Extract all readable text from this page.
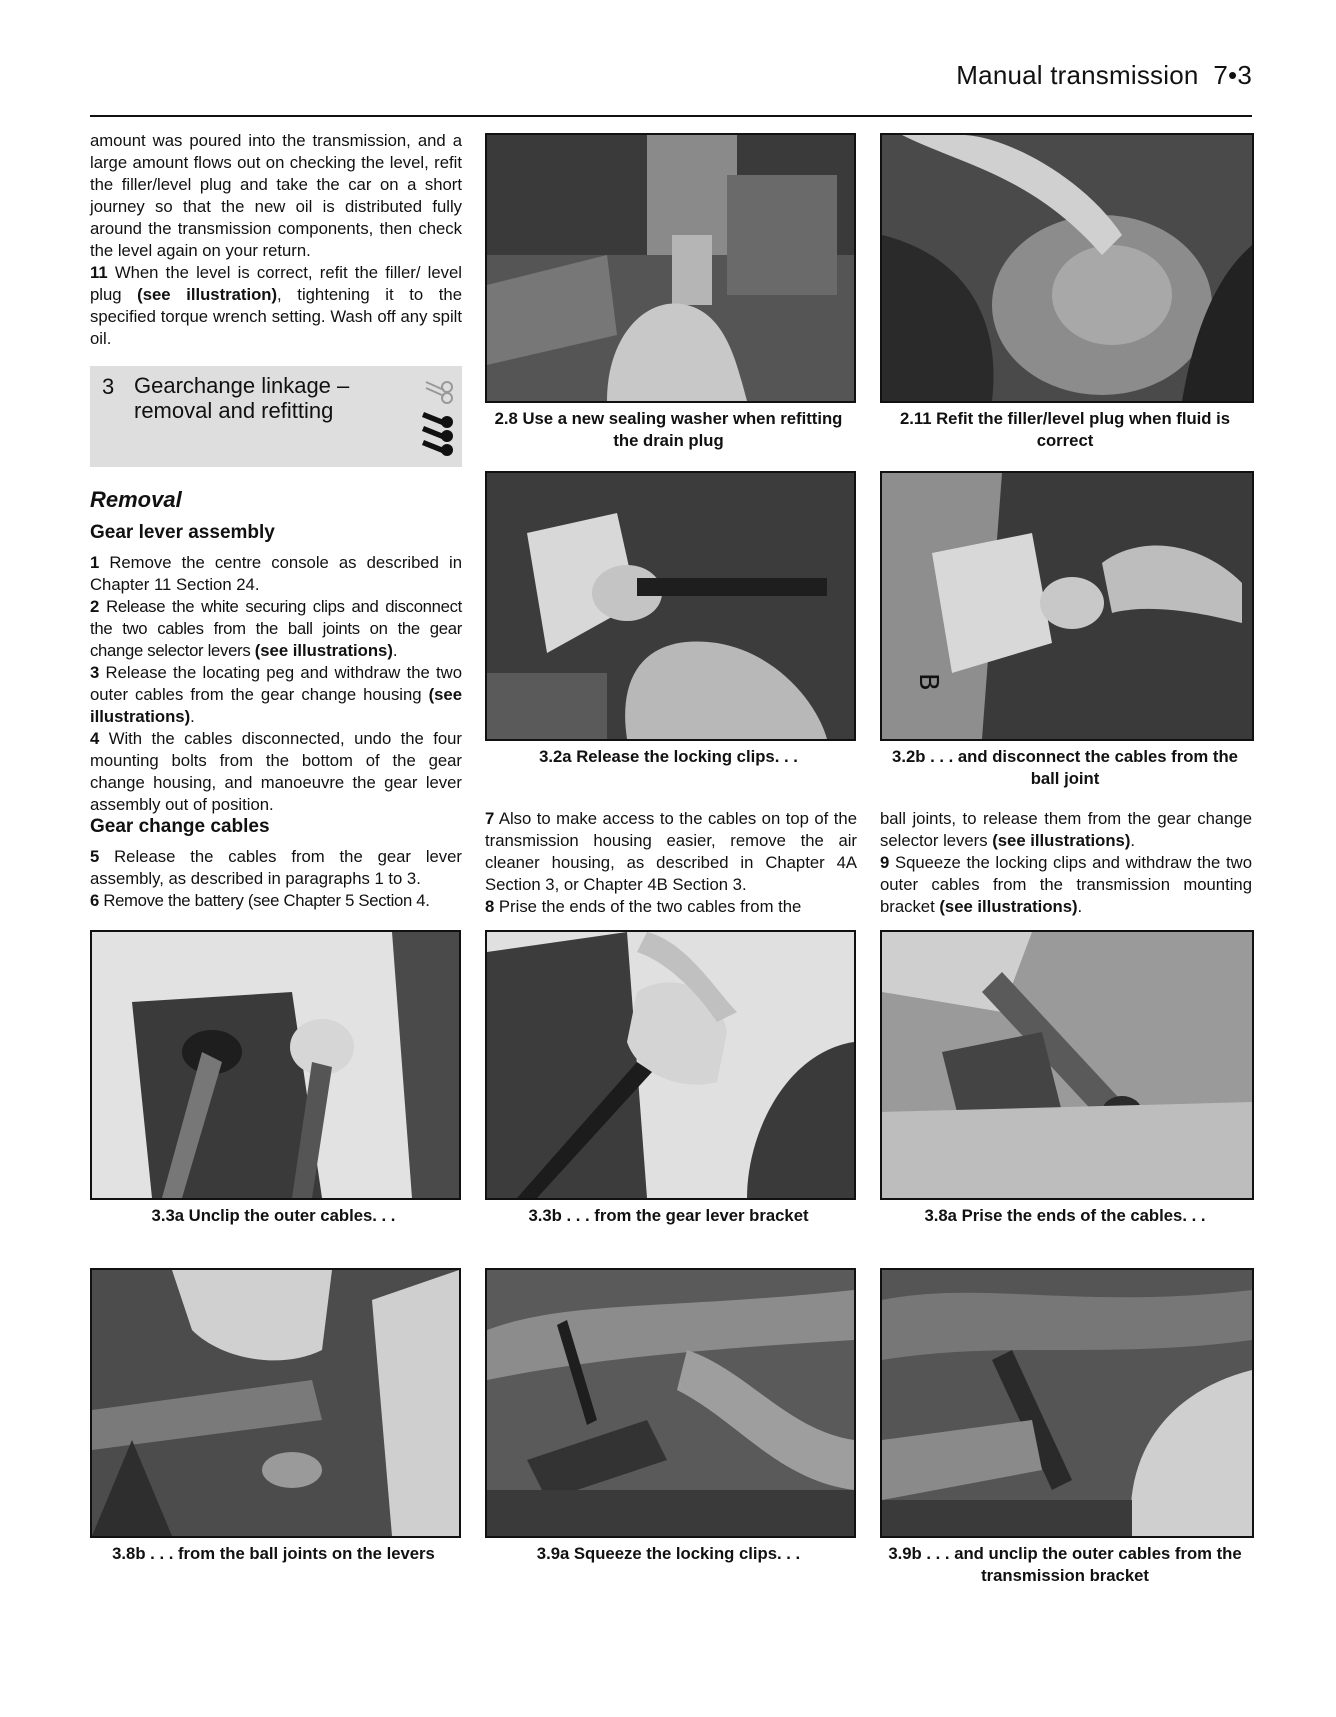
Manual transmission  7•3

amount was poured into the transmission, and a large amount flows out on checking the level, refit the filler/level plug and take the car on a short journey so that the new oil is distributed fully around the transmission components, then check the level again on your return.

11 When the level is correct, refit the filler/ level plug (see illustration), tightening it to the specified torque wrench setting. Wash off any spilt oil.

3 Gearchange linkage –
removal and refitting
Removal
Gear lever assembly

1 Remove the centre console as described in Chapter 11 Section 24.

2 Release the white securing clips and disconnect the two cables from the ball joints on the gear change selector levers (see illustrations).

3 Release the locating peg and withdraw the two outer cables from the gear change housing (see illustrations).

4 With the cables disconnected, undo the four mounting bolts from the bottom of the gear change housing, and manoeuvre the gear lever assembly out of position.

Gear change cables

5 Release the cables from the gear lever assembly, as described in paragraphs 1 to 3.

6 Remove the battery (see Chapter 5 Section 4.

7 Also to make access to the cables on top of the transmission housing easier, remove the air cleaner housing, as described in Chapter 4A Section 3, or Chapter 4B Section 3.

8 Prise the ends of the two cables from the

ball joints, to release them from the gear change selector levers (see illustrations).

9 Squeeze the locking clips and withdraw the two outer cables from the transmission mounting bracket (see illustrations).

2.8 Use a new sealing washer when refitting the drain plug
2.11 Refit the filler/level plug when fluid is correct
3.2a Release the locking clips. . .
B
3.2b . . . and disconnect the cables from the ball joint
3.3a Unclip the outer cables. . .	3.3b . . . from the gear lever bracket	3.8a Prise the ends of the cables. . .
3.8b . . . from the ball joints on the levers	3.9a Squeeze the locking clips. . .	3.9b . . . and unclip the outer cables from the transmission bracket
